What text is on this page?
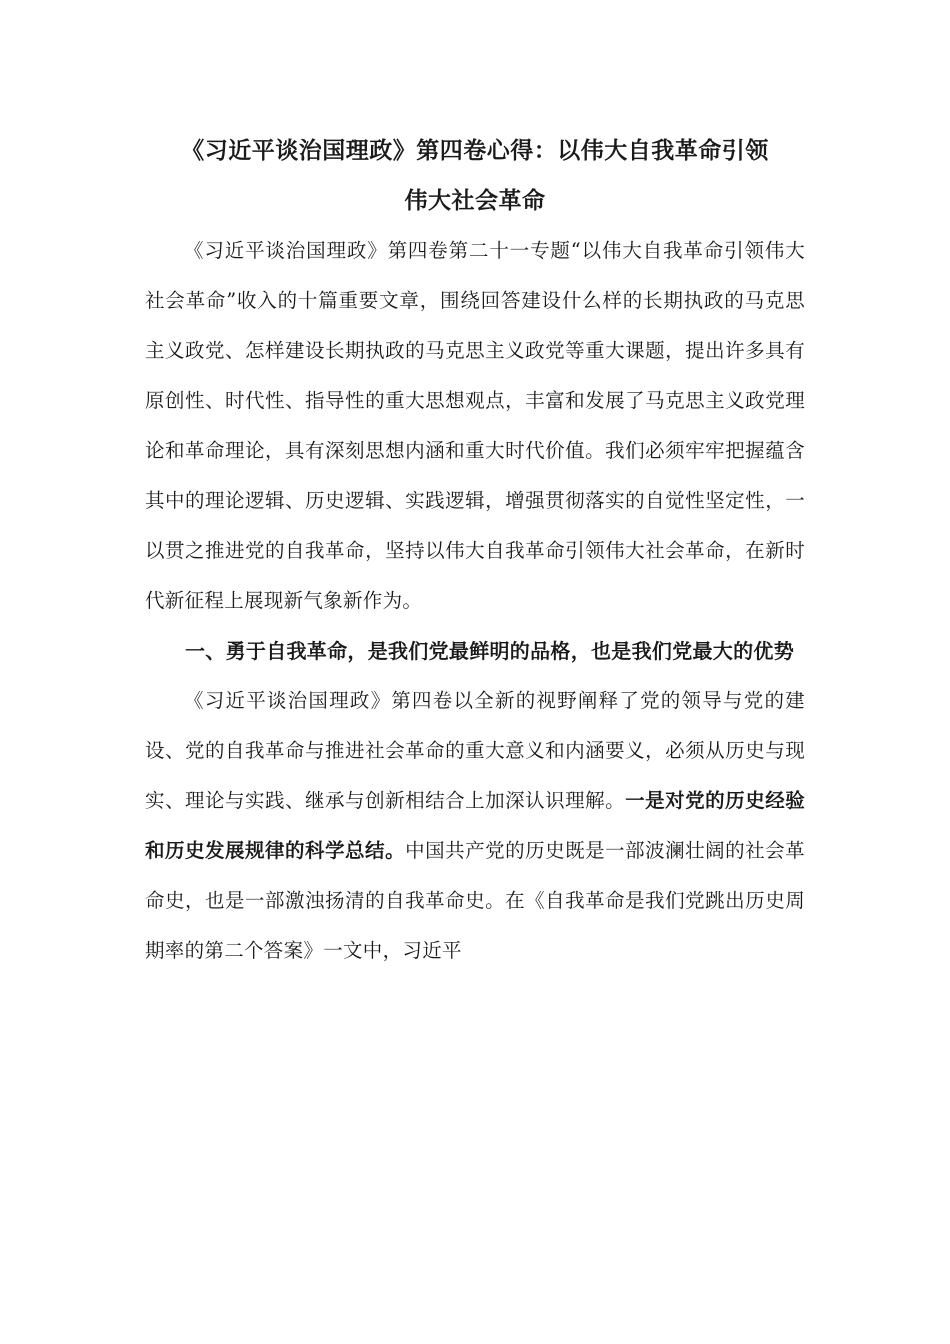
《习近平谈治国理政》第四卷心得：以伟大自我革命引领
伟大社会革命

《习近平谈治国理政》第四卷第二十一专题“以伟大自我革命引领伟大社会革命”收入的十篇重要文章，围绕回答建设什么样的长期执政的马克思主义政党、怎样建设长期执政的马克思主义政党等重大课题，提出许多具有原创性、时代性、指导性的重大思想观点，丰富和发展了马克思主义政党理论和革命理论，具有深刻思想内涵和重大时代价值。我们必须牢牢把握蕴含其中的理论逻辑、历史逻辑、实践逻辑，增强贯彻落实的自觉性坚定性，一以贯之推进党的自我革命，坚持以伟大自我革命引领伟大社会革命，在新时代新征程上展现新气象新作为。

一、勇于自我革命，是我们党最鲜明的品格，也是我们党最大的优势

《习近平谈治国理政》第四卷以全新的视野阐释了党的领导与党的建设、党的自我革命与推进社会革命的重大意义和内涵要义，必须从历史与现实、理论与实践、继承与创新相结合上加深认识理解。一是对党的历史经验和历史发展规律的科学总结。中国共产党的历史既是一部波澜壮阔的社会革命史，也是一部激浊扬清的自我革命史。在《自我革命是我们党跳出历史周期率的第二个答案》一文中，习近平
